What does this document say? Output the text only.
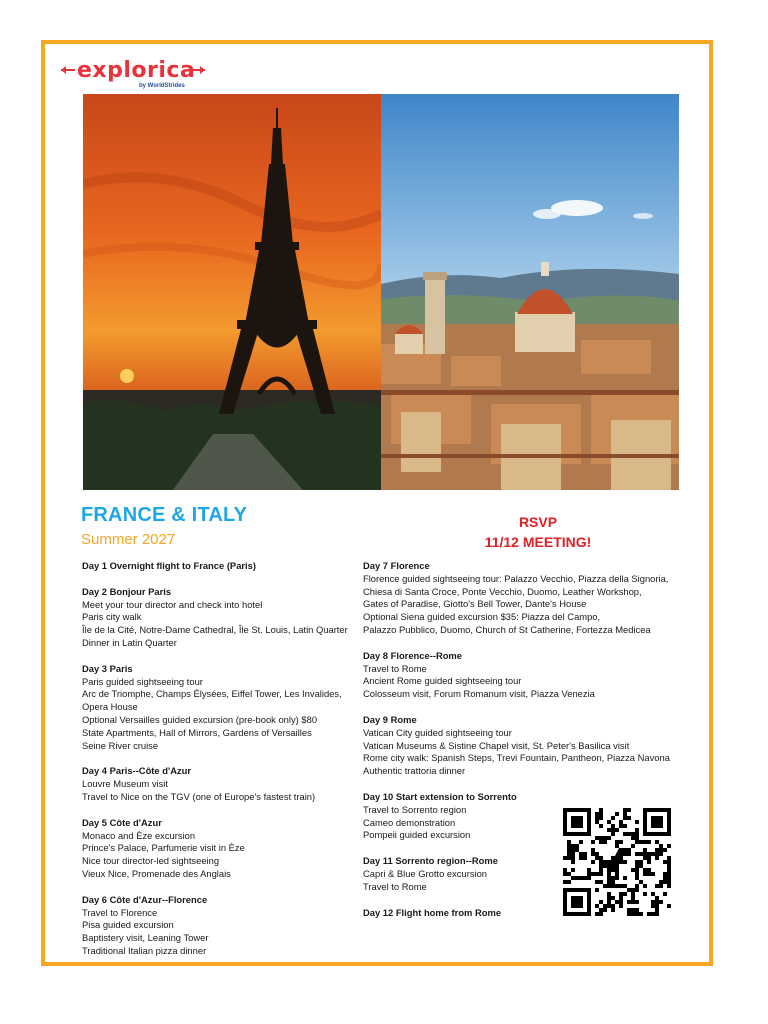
explorica
by WorldStrides
FRANCE & ITALY
Summer 2027
RSVP
11/12 MEETING!
Day 1 Overnight flight to France (Paris)
Day 2 Bonjour Paris
Meet your tour director and check into hotel
Paris city walk
Île de la Cité, Notre-Dame Cathedral, Île St. Louis, Latin Quarter
Dinner in Latin Quarter
Day 3 Paris
Paris guided sightseeing tour
Arc de Triomphe, Champs Élysées, Eiffel Tower, Les Invalides,
Opera House
Optional Versailles guided excursion (pre-book only) $80
State Apartments, Hall of Mirrors, Gardens of Versailles
Seine River cruise
Day 4 Paris--Côte d'Azur
Louvre Museum visit
Travel to Nice on the TGV (one of Europe's fastest train)
Day 5 Côte d'Azur
Monaco and Èze excursion
Prince's Palace, Parfumerie visit in Èze
Nice tour director-led sightseeing
Vieux Nice, Promenade des Anglais
Day 6 Côte d'Azur--Florence
Travel to Florence
Pisa guided excursion
Baptistery visit, Leaning Tower
Traditional Italian pizza dinner
Day 7 Florence
Florence guided sightseeing tour: Palazzo Vecchio, Piazza della Signoria,
Chiesa di Santa Croce, Ponte Vecchio, Duomo, Leather Workshop,
Gates of Paradise, Giotto's Bell Tower, Dante's House
Optional Siena guided excursion $35: Piazza del Campo,
Palazzo Pubblico, Duomo, Church of St Catherine, Fortezza Medicea
Day 8 Florence--Rome
Travel to Rome
Ancient Rome guided sightseeing tour
Colosseum visit, Forum Romanum visit, Piazza Venezia
Day 9 Rome
Vatican City guided sightseeing tour
Vatican Museums & Sistine Chapel visit, St. Peter's Basilica visit
Rome city walk: Spanish Steps, Trevi Fountain, Pantheon, Piazza Navona
Authentic trattoria dinner
Day 10 Start extension to Sorrento
Travel to Sorrento region
Cameo demonstration
Pompeii guided excursion
Day 11 Sorrento region--Rome
Capri & Blue Grotto excursion
Travel to Rome
Day 12 Flight home from Rome
